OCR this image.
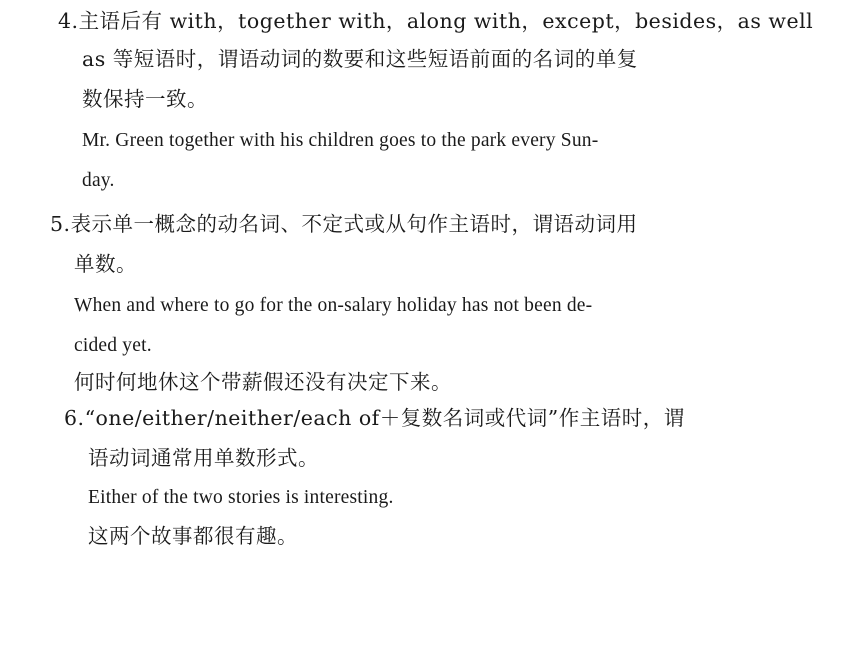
4.主语后有 with，together with，along with，except，besides，as well
as 等短语时，谓语动词的数要和这些短语前面的名词的单复
数保持一致。
Mr. Green together with his children goes to the park every Sun-
day.
5.表示单一概念的动名词、不定式或从句作主语时，谓语动词用
单数。
When and where to go for the on-salary holiday has not been de-
cided yet.
何时何地休这个带薪假还没有决定下来。
6.“one/either/neither/each of＋复数名词或代词”作主语时，谓
语动词通常用单数形式。
Either of the two stories is interesting.
这两个故事都很有趣。
